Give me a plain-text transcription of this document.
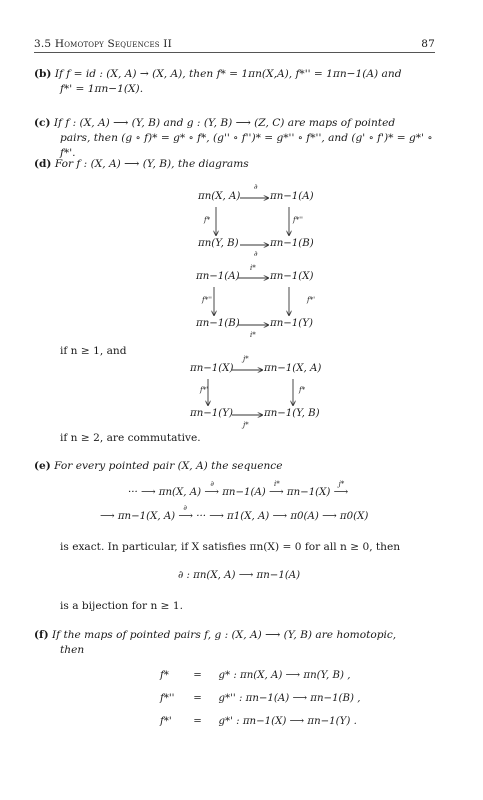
3.5 Homotopy Sequences II	87
(b) If f = id : (X, A) → (X, A), then f* = 1πn(X,A), f*'' = 1πn−1(A) and
f*' = 1πn−1(X).
(c) If f : (X, A) ⟶ (Y, B) and g : (Y, B) ⟶ (Z, C) are maps of pointed
pairs, then (g ∘ f)* = g* ∘ f*, (g'' ∘ f'')* = g*'' ∘ f*'', and (g' ∘ f')* = g*' ∘ f*'.
(d) For f : (X, A) ⟶ (Y, B), the diagrams
πn(X, A)	πn−1(A)
πn(Y, B)	πn−1(B)
∂
∂
f*	f*''
πn−1(A)	πn−1(X)
πn−1(B)	πn−1(Y)
i*
i*
f*''	f*'
if n ≥ 1, and
πn−1(X)	πn−1(X, A)
πn−1(Y)	πn−1(Y, B)
j*
j*
f*'	f*
if n ≥ 2, are commutative.
(e) For every pointed pair (X, A) the sequence
··· ⟶ πn(X, A)
∂
⟶ πn−1(A)
i*
⟶ πn−1(X)
j*
⟶
⟶ πn−1(X, A)
∂
⟶ ··· ⟶ π1(X, A) ⟶ π0(A) ⟶ π0(X)
is exact. In particular, if X satisfies πn(X) = 0 for all n ≥ 0, then
∂ : πn(X, A) ⟶ πn−1(A)
is a bijection for n ≥ 1.
(f) If the maps of pointed pairs f, g : (X, A) ⟶ (Y, B) are homotopic,
then
f* = g* : πn(X, A) ⟶ πn(Y, B) ,
f*'' = g*'' : πn−1(A) ⟶ πn−1(B) ,
f*' = g*' : πn−1(X) ⟶ πn−1(Y) .
